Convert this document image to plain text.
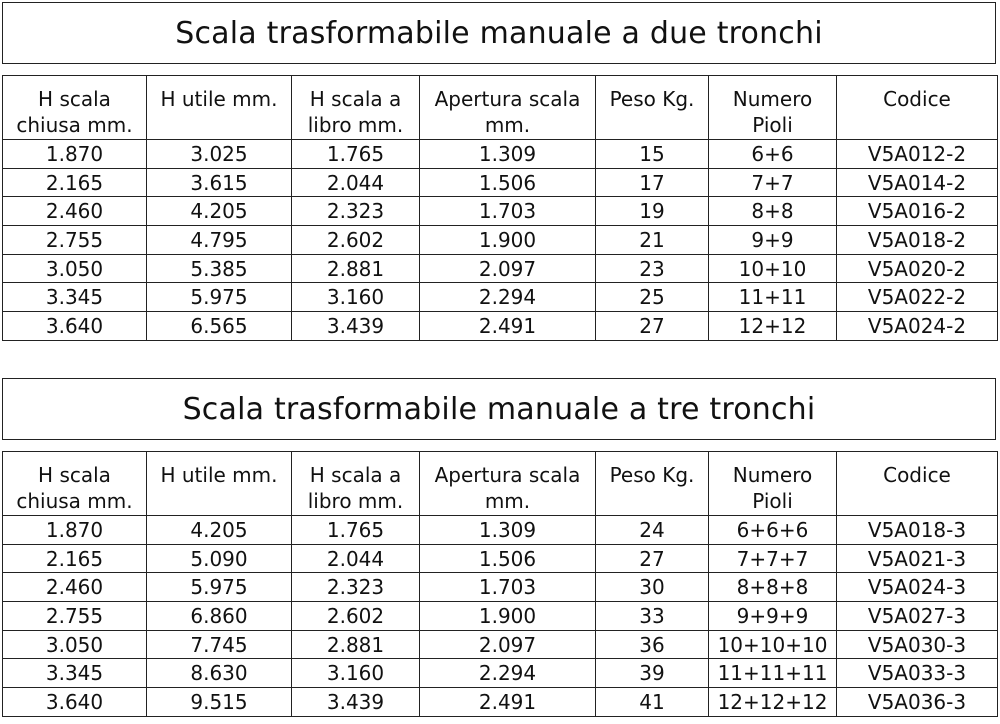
Scala trasformabile manuale a due tronchi
H scala chiusa mm.	H utile mm.	H scala a libro mm.	Apertura scala mm.	Peso Kg.	Numero Pioli	Codice
1.870	3.025	1.765	1.309	15	6+6	V5A012-2
2.165	3.615	2.044	1.506	17	7+7	V5A014-2
2.460	4.205	2.323	1.703	19	8+8	V5A016-2
2.755	4.795	2.602	1.900	21	9+9	V5A018-2
3.050	5.385	2.881	2.097	23	10+10	V5A020-2
3.345	5.975	3.160	2.294	25	11+11	V5A022-2
3.640	6.565	3.439	2.491	27	12+12	V5A024-2
Scala trasformabile manuale a tre tronchi
H scala chiusa mm.	H utile mm.	H scala a libro mm.	Apertura scala mm.	Peso Kg.	Numero Pioli	Codice
1.870	4.205	1.765	1.309	24	6+6+6	V5A018-3
2.165	5.090	2.044	1.506	27	7+7+7	V5A021-3
2.460	5.975	2.323	1.703	30	8+8+8	V5A024-3
2.755	6.860	2.602	1.900	33	9+9+9	V5A027-3
3.050	7.745	2.881	2.097	36	10+10+10	V5A030-3
3.345	8.630	3.160	2.294	39	11+11+11	V5A033-3
3.640	9.515	3.439	2.491	41	12+12+12	V5A036-3
